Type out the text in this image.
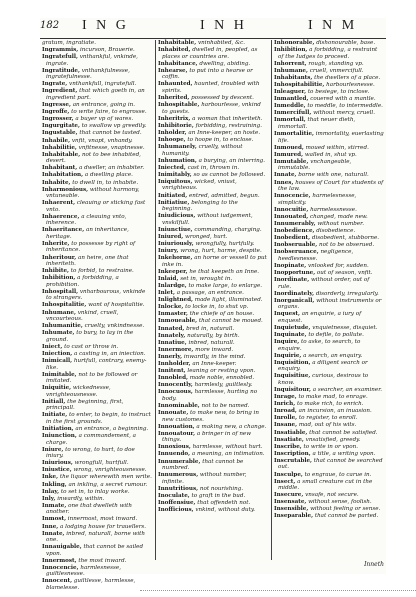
182 I N G	I N H	I N M

gratum, ingratiate.

Ingrammis, incurson, Brauerie.

Ingratefull, vnthankful, vnkinde, ingrate.

Ingratitude, vnthankfulnesse, ingratefulnesse.

Ingrate, vnthankfull, ingratefull.

Ingredient, that which goeth in, an ingredient part.

Ingresse, an entrance, going in.

Ingroffe, to write faire, to engrosse.

Ingrosser, a buyer vp of wares.

Ingurgitate, to swallow vp greedily.

Ingustable, that cannot be tasted.

Inhabile, vnfit, vnapt, vnhandy.

Inhabilitie, vnfitnesse, vnaptnesse.

Inhabitable, not to bee inhabited, desert.

Inhabitant, a dweller, an inhabiter.

Inhabitation, a dwelling place.

Inhabite, to dwell in, to inhabite.

Inharmonious, without harmony, vntuneable.

Inhaerent, cleauing or sticking fast vnto.

Inhaerence, a cleauing vnto, inherence.

Inhaeritance, an inheritance, heritage.

Inherite, to possesse by right of inheritance.

Inheritour, an heire, one that inheriteth.

Inhibite, to forbid, to restraine.

Inhibition, a forbidding, a prohibition.

Inhospitall, vnharbourous, vnkinde to strangers.

Inhospitalitie, want of hospitalitie.

Inhumane, vnkind, cruell, vncourteous.

Inhumanitie, cruelty, vnkindnesse.

Inhumate, to bury, to lay in the ground.

Iniect, to cast or throw in.

Iniection, a casting in, an iniection.

Inimicall, hurtfull, contrary, enemy-like.

Inimitable, not to be followed or imitated.

Iniquitie, wickednesse, vnrighteousnesse.

Initiall, the beginning, first, principall.

Initiate, to enter, to begin, to instruct in the first grounds.

Initiation, an entrance, a beginning.

Iniunction, a commandement, a charge.

Iniure, to wrong, to hurt, to doe iniury.

Iniurious, wrongfull, hurtfull.

Iniustice, wrong, vnrighteousnesse.

Inke, the liquor wherewith men write.

Inkling, an inkling, a secret rumour.

Inlay, to set in, to inlay worke.

Inly, inwardly, within.

Inmate, one that dwelleth with another.

Inmost, innermost, most inward.

Inne, a lodging house for trauellers.

Innate, inbred, naturall, borne with one.

Innauigable, that cannot be sailed vpon.

Innermost, the most inward.

Innocencie, harmlesnesse, guiltlesnesse.

Innocent, guiltlesse, harmlesse, blamelesse.

Inhabitable, vninhabited, &c.

Inhabited, dwelled in, peopled, as places or countries are.

Inhabitance, dwelling, abiding.

Inhearse, to put into a hearse or coffin.

Inhaunted, haunted, troubled with spirits.

Inherited, possessed by descent.

Inhospitable, harbourlesse, vnkind to guests.

Inheritrix, a woman that inheriteth.

Inhibitorie, forbidding, restraining.

Inholder, an Inne-keeper, an hoste.

Inhoope, to hoope in, to enclose.

Inhumanely, cruelly, without humanity.

Inhumation, a burying, an interring.

Iniected, cast in, thrown in.

Inimitably, so as cannot be followed.

Iniquitous, wicked, vniust, vnrighteous.

Initiated, entred, admitted, begun.

Initiatiue, belonging to the beginning.

Iniudicious, without iudgement, vnskilfull.

Iniunctiue, commanding, charging.

Iniured, wronged, hurt.

Iniuriously, wrongfully, hurtfully.

Iniury, wrong, hurt, harme, despite.

Inkehorne, an horne or vessell to put inke in.

Inkeeper, he that keepeth an Inne.

Inlaid, set in, wrought in.

Inlardge, to make large, to enlarge.

Inlet, a passage, an entrance.

Inlightned, made light, illuminated.

Inlocke, to locke in, to shut vp.

Inmaster, the chiefe of an house.

Inmoueable, that cannot be moued.

Innated, bred in, naturall.

Innately, naturally, by birth.

Innatiue, inbred, naturall.

Innermore, more inward.

Innerly, inwardly, in the mind.

Innholder, an Inne-keeper.

Innitent, leaning or resting vpon.

Innobled, made noble, ennobled.

Innocently, harmlesly, guiltlesly.

Innocuous, harmlesse, hurting no body.

Innominable, not to be named.

Innouate, to make new, to bring in new customes.

Innouation, a making new, a change.

Innouatour, a bringer in of new things.

Innoxious, harmlesse, without hurt.

Innuendo, a meaning, an intimation.

Innumerable, that cannot be numbred.

Innumerous, without number, infinite.

Innutritious, not nourishing.

Inoculate, to graft in the bud.

Inoffensiue, that offendeth not.

Inofficious, vnkind, without duty.

Inhonorable, dishonourable, base.

Inhibition, a forbidding, a restraint of the Iudges to proceed.

Inhorrent, rough, standing vp.

Inhumane, cruell, vnmercifull.

Inhabitants, the dwellers of a place.

Inhospitabilitie, harbourlesnesse.

Inleaguer, to besiege, to inclose.

Inmantled, couered with a mantle.

Inmeddle, to meddle, to intermeddle.

Inmercifull, without mercy, cruell.

Inmortall, that neuer dieth, immortall.

Inmortalitie, immortality, euerlasting life.

Inmoued, moued within, stirred.

Inmured, walled in, shut vp.

Inmutable, vnchangeable, immutable.

Innate, borne with one, naturall.

Innes, houses of Court for students of the law.

Innocencie, harmelesnesse, simplicity.

Innocuitie, harmelessnesse.

Innouated, changed, made new.

Innumerably, without number.

Inobedience, disobedience.

Inobedient, disobedient, stubborne.

Inobseruable, not to be obserued.

Inobseruance, negligence, heedlesnesse.

Inopinate, vnlooked for, sudden.

Inopportune, out of season, vnfit.

Inordinate, without order, out of rule.

Inordinately, disorderly, irregularly.

Inorganicall, without instruments or organs.

Inquest, an enquirie, a iury of enquest.

Inquietude, vnquietnesse, disquiet.

Inquinate, to defile, to pollute.

Inquire, to aske, to search, to enquire.

Inquirie, a search, an enquiry.

Inquisition, a diligent search or enquiry.

Inquisitiue, curious, desirous to know.

Inquisitour, a searcher, an examiner.

Inrage, to make mad, to enrage.

Inrich, to make rich, to enrich.

Inroad, an incursion, an inuasion.

Inrolle, to register, to enroll.

Insane, mad, out of his wits.

Insatiable, that cannot be satisfied.

Insatiate, vnsatisfied, greedy.

Inscribe, to write in or vpon.

Inscription, a title, a writing vpon.

Inscrutable, that cannot be searched out.

Insculpe, to engraue, to carue in.

Insect, a small creature cut in the middle.

Insecure, vnsafe, not secure.

Insensate, without sense, foolish.

Insensible, without feeling or sense.

Inseparable, that cannot be parted.

Inneth
